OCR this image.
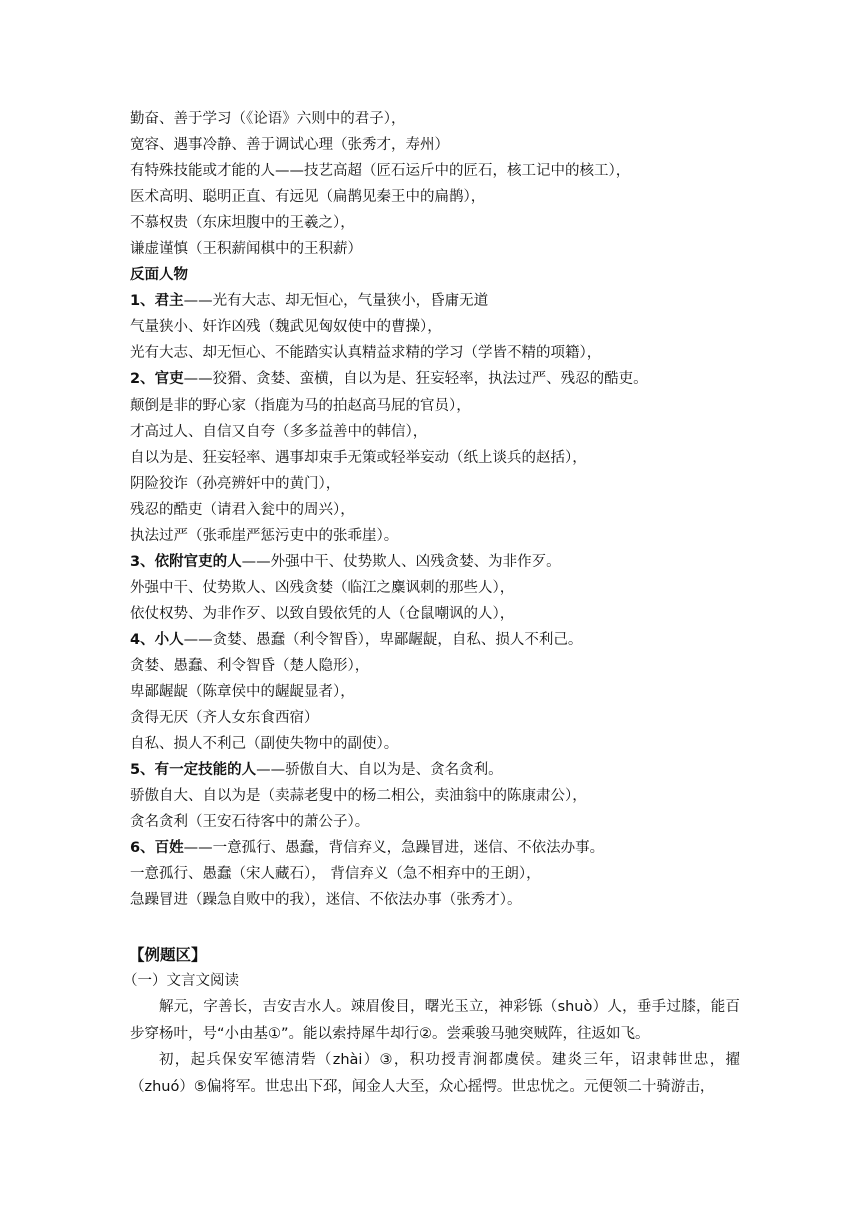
勤奋、善于学习（《论语》六则中的君子），
宽容、遇事冷静、善于调试心理（张秀才，寿州）
有特殊技能或才能的人——技艺高超（匠石运斤中的匠石，核工记中的核工），
医术高明、聪明正直、有远见（扁鹊见秦王中的扁鹊），
不慕权贵（东床坦腹中的王羲之），
谦虚谨慎（王积薪闻棋中的王积薪）
反面人物
1、君主——光有大志、却无恒心，气量狭小，昏庸无道
气量狭小、奸诈凶残（魏武见匈奴使中的曹操），
光有大志、却无恒心、不能踏实认真精益求精的学习（学皆不精的项籍），
2、官吏——狡猾、贪婪、蛮横，自以为是、狂妄轻率，执法过严、残忍的酷吏。
颠倒是非的野心家（指鹿为马的拍赵高马屁的官员），
才高过人、自信又自夸（多多益善中的韩信），
自以为是、狂妄轻率、遇事却束手无策或轻举妄动（纸上谈兵的赵括），
阴险狡诈（孙亮辨奸中的黄门），
残忍的酷吏（请君入瓮中的周兴），
执法过严（张乖崖严惩污吏中的张乖崖）。
3、依附官吏的人——外强中干、仗势欺人、凶残贪婪、为非作歹。
外强中干、仗势欺人、凶残贪婪（临江之麋讽刺的那些人），
依仗权势、为非作歹、以致自毁依凭的人（仓鼠嘲讽的人），
4、小人——贪婪、愚蠢（利令智昏），卑鄙龌龊，自私、损人不利己。
贪婪、愚蠢、利令智昏（楚人隐形），
卑鄙龌龊（陈章侯中的龌龊显者），
贪得无厌（齐人女东食西宿）
自私、损人不利己（副使失物中的副使）。
5、有一定技能的人——骄傲自大、自以为是、贪名贪利。
骄傲自大、自以为是（卖蒜老叟中的杨二相公，卖油翁中的陈康肃公），
贪名贪利（王安石待客中的萧公子）。
6、百姓——一意孤行、愚蠢，背信弃义，急躁冒进，迷信、不依法办事。
一意孤行、愚蠢（宋人藏石）， 背信弃义（急不相弃中的王朗），
急躁冒进（躁急自败中的我），迷信、不依法办事（张秀才）。
【例题区】
（一）文言文阅读

解元，字善长，吉安吉水人。竦眉俊目，曙光玉立，神彩铄（shuò）人，垂手过膝，能百步穿杨叶，号“小由基①”。能以索持犀牛却行②。尝乘骏马驰突贼阵，往返如飞。

初，起兵保安军德清砦（zhài）③，积功授青涧都虞侯。建炎三年，诏隶韩世忠，擢（zhuó）⑤偏将军。世忠出下邳，闻金人大至，众心摇愕。世忠忧之。元便领二十骑游击，
